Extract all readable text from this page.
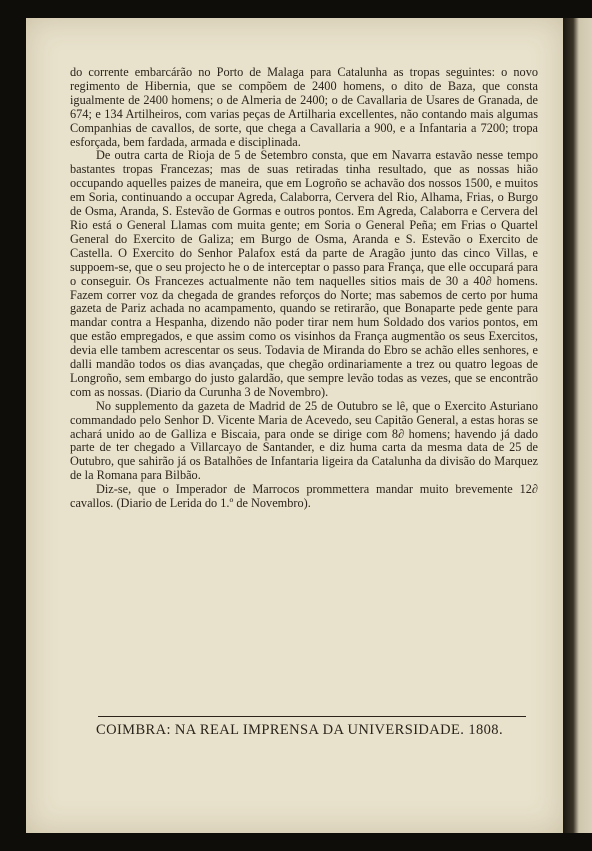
do corrente embarcárão no Porto de Malaga para Catalunha as tropas seguintes: o novo regimento de Hibernia, que se compõem de 2400 homens, o dito de Baza, que consta igualmente de 2400 homens; o de Almeria de 2400; o de Cavallaria de Usares de Granada, de 674; e 134 Artilheiros, com varias peças de Artilharia excellentes, não contando mais algumas Companhias de cavallos, de sorte, que chega a Cavallaria a 900, e a Infantaria a 7200; tropa esforçada, bem fardada, armada e disciplinada.

De outra carta de Rioja de 5 de Setembro consta, que em Navarra estavão nesse tempo bastantes tropas Francezas; mas de suas retiradas tinha resultado, que as nossas hião occupando aquelles paizes de maneira, que em Logroño se achavão dos nossos 1500, e muitos em Soria, continuando a occupar Agreda, Calaborra, Cervera del Rio, Alhama, Frias, o Burgo de Osma, Aranda, S. Estevão de Gormas e outros pontos. Em Agreda, Calaborra e Cervera del Rio está o General Llamas com muita gente; em Soria o General Peña; em Frias o Quartel General do Exercito de Galiza; em Burgo de Osma, Aranda e S. Estevão o Exercito de Castella. O Exercito do Senhor Palafox está da parte de Aragão junto das cinco Villas, e suppoem-se, que o seu projecto he o de interceptar o passo para França, que elle occupará para o conseguir. Os Francezes actualmente não tem naquelles sitios mais de 30 a 40∂ homens. Fazem correr voz da chegada de grandes reforços do Norte; mas sabemos de certo por huma gazeta de Pariz achada no acampamento, quando se retirarão, que Bonaparte pede gente para mandar contra a Hespanha, dizendo não poder tirar nem hum Soldado dos varios pontos, em que estão empregados, e que assim como os visinhos da França augmentão os seus Exercitos, devia elle tambem acrescentar os seus. Todavia de Miranda do Ebro se achão elles senhores, e dalli mandão todos os dias avançadas, que chegão ordinariamente a trez ou quatro legoas de Longroño, sem embargo do justo galardão, que sempre levão todas as vezes, que se encontrão com as nossas. (Diario da Curunha 3 de Novembro).

No supplemento da gazeta de Madrid de 25 de Outubro se lê, que o Exercito Asturiano commandado pelo Senhor D. Vicente Maria de Acevedo, seu Capitão General, a estas horas se achará unido ao de Galliza e Biscaia, para onde se dirige com 8∂ homens; havendo já dado parte de ter chegado a Villarcayo de Santander, e diz huma carta da mesma data de 25 de Outubro, que sahirão já os Batalhões de Infantaria ligeira da Catalunha da divisão do Marquez de la Romana para Bilbão.

Diz-se, que o Imperador de Marrocos prommettera mandar muito brevemente 12∂ cavallos. (Diario de Lerida do 1.º de Novembro).

COIMBRA: NA REAL IMPRENSA DA UNIVERSIDADE. 1808.
